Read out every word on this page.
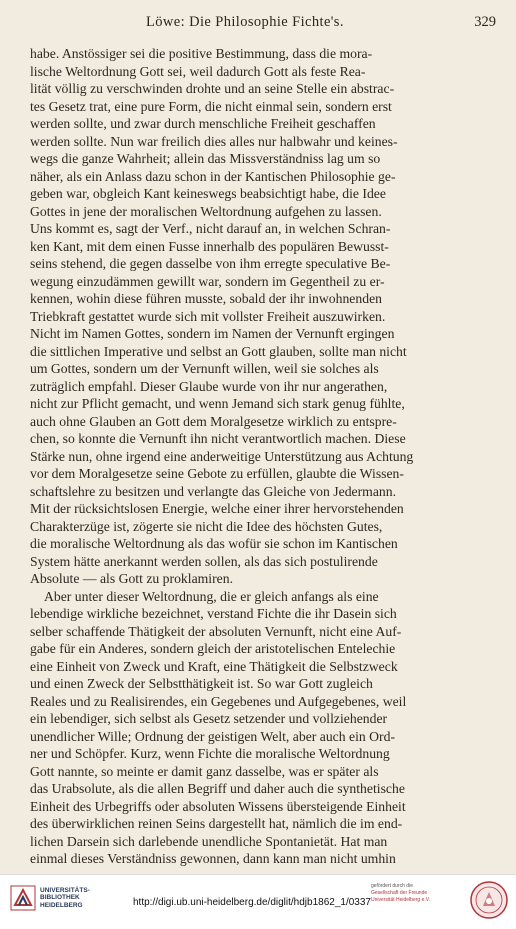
Löwe: Die Philosophie Fichte's.	329

habe. Anstössiger sei die positive Bestimmung, dass die mora-
lische Weltordnung Gott sei, weil dadurch Gott als feste Rea-
lität völlig zu verschwinden drohte und an seine Stelle ein abstrac-
tes Gesetz trat, eine pure Form, die nicht einmal sein, sondern erst
werden sollte, und zwar durch menschliche Freiheit geschaffen
werden sollte. Nun war freilich dies alles nur halbwahr und keines-
wegs die ganze Wahrheit; allein das Missverständniss lag um so
näher, als ein Anlass dazu schon in der Kantischen Philosophie ge-
geben war, obgleich Kant keineswegs beabsichtigt habe, die Idee
Gottes in jene der moralischen Weltordnung aufgehen zu lassen.
Uns kommt es, sagt der Verf., nicht darauf an, in welchen Schran-
ken Kant, mit dem einen Fusse innerhalb des populären Bewusst-
seins stehend, die gegen dasselbe von ihm erregte speculative Be-
wegung einzudämmen gewillt war, sondern im Gegentheil zu er-
kennen, wohin diese führen musste, sobald der ihr inwohnenden
Triebkraft gestattet wurde sich mit vollster Freiheit auszuwirken.
Nicht im Namen Gottes, sondern im Namen der Vernunft ergingen
die sittlichen Imperative und selbst an Gott glauben, sollte man nicht
um Gottes, sondern um der Vernunft willen, weil sie solches als
zuträglich empfahl. Dieser Glaube wurde von ihr nur angerathen,
nicht zur Pflicht gemacht, und wenn Jemand sich stark genug fühlte,
auch ohne Glauben an Gott dem Moralgesetze wirklich zu entspre-
chen, so konnte die Vernunft ihn nicht verantwortlich machen. Diese
Stärke nun, ohne irgend eine anderweitige Unterstützung aus Achtung
vor dem Moralgesetze seine Gebote zu erfüllen, glaubte die Wissen-
schaftslehre zu besitzen und verlangte das Gleiche von Jedermann.
Mit der rücksichtslosen Energie, welche einer ihrer hervorstehenden
Charakterzüge ist, zögerte sie nicht die Idee des höchsten Gutes,
die moralische Weltordnung als das wofür sie schon im Kantischen
System hätte anerkannt werden sollen, als das sich postulirende
Absolute — als Gott zu proklamiren.

Aber unter dieser Weltordnung, die er gleich anfangs als eine
lebendige wirkliche bezeichnet, verstand Fichte die ihr Dasein sich
selber schaffende Thätigkeit der absoluten Vernunft, nicht eine Auf-
gabe für ein Anderes, sondern gleich der aristotelischen Entelechie
eine Einheit von Zweck und Kraft, eine Thätigkeit die Selbstzweck
und einen Zweck der Selbstthätigkeit ist. So war Gott zugleich
Reales und zu Realisirendes, ein Gegebenes und Aufgegebenes, weil
ein lebendiger, sich selbst als Gesetz setzender und vollziehender
unendlicher Wille; Ordnung der geistigen Welt, aber auch ein Ord-
ner und Schöpfer. Kurz, wenn Fichte die moralische Weltordnung
Gott nannte, so meinte er damit ganz dasselbe, was er später als
das Urabsolute, als die allen Begriff und daher auch die synthetische
Einheit des Urbegriffs oder absoluten Wissens übersteigende Einheit
des überwirklichen reinen Seins dargestellt hat, nämlich die im end-
lichen Darsein sich darlebende unendliche Spontanietät. Hat man
einmal dieses Verständniss gewonnen, dann kann man nicht umhin

UNIVERSITÄTS-
BIBLIOTHEK
HEIDELBERG	http://digi.ub.uni-heidelberg.de/diglit/hdjb1862_1/0337
gefördert durch die
Gesellschaft der Freunde
Universität Heidelberg e.V.
